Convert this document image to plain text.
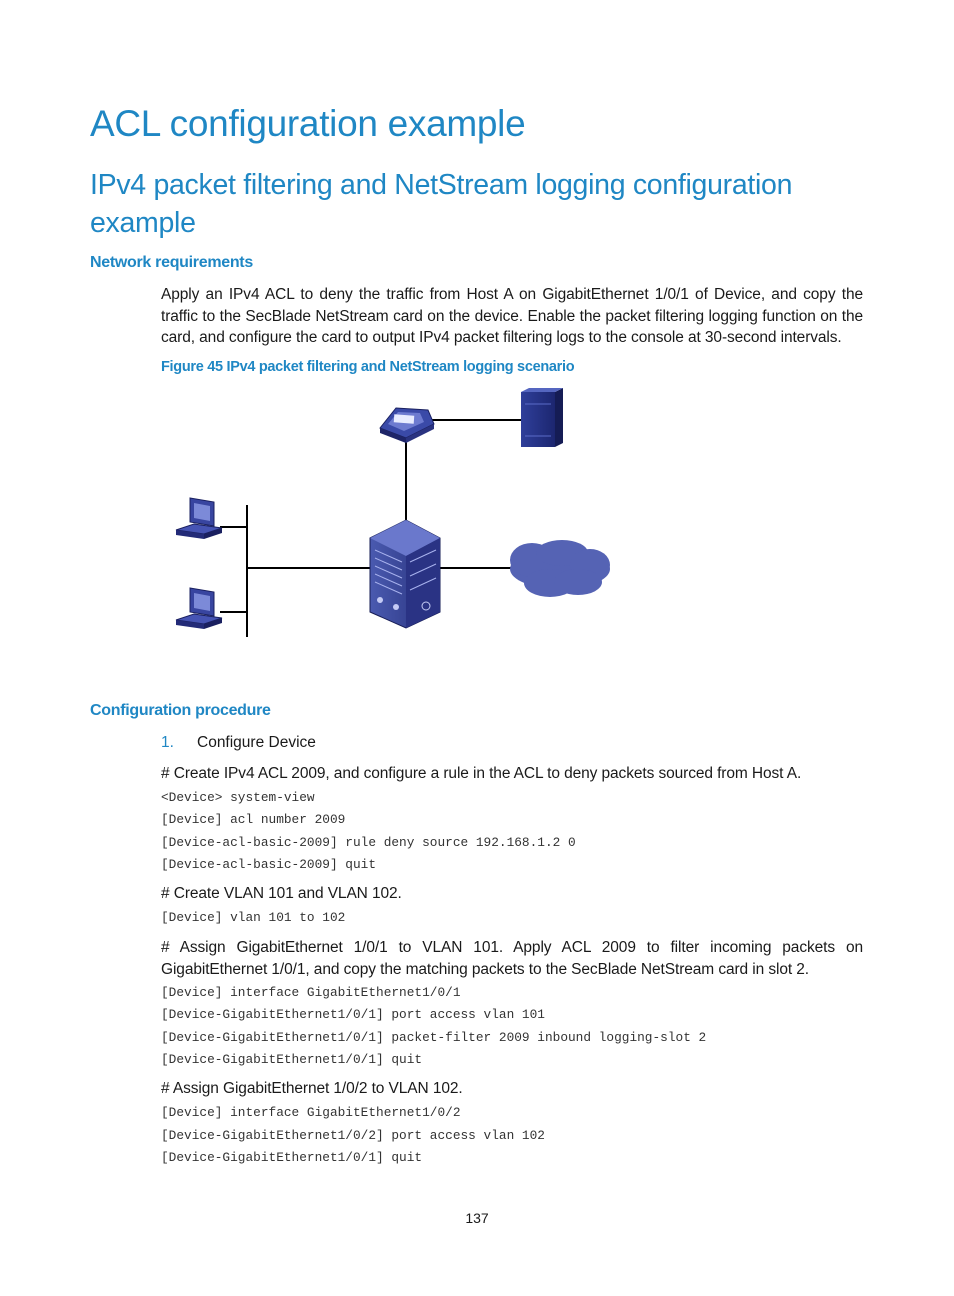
ACL configuration example
IPv4 packet filtering and NetStream logging configuration example
Network requirements

Apply an IPv4 ACL to deny the traffic from Host A on GigabitEthernet 1/0/1 of Device, and copy the traffic to the SecBlade NetStream card on the device. Enable the packet filtering logging function on the card, and configure the card to output IPv4 packet filtering logs to the console at 30-second intervals.

Figure 45 IPv4 packet filtering and NetStream logging scenario
Configuration procedure
1. Configure Device

# Create IPv4 ACL 2009, and configure a rule in the ACL to deny packets sourced from Host A.

<Device> system-view
[Device] acl number 2009
[Device-acl-basic-2009] rule deny source 192.168.1.2 0
[Device-acl-basic-2009] quit

# Create VLAN 101 and VLAN 102.

[Device] vlan 101 to 102

# Assign GigabitEthernet 1/0/1 to VLAN 101. Apply ACL 2009 to filter incoming packets on GigabitEthernet 1/0/1, and copy the matching packets to the SecBlade NetStream card in slot 2.

[Device] interface GigabitEthernet1/0/1
[Device-GigabitEthernet1/0/1] port access vlan 101
[Device-GigabitEthernet1/0/1] packet-filter 2009 inbound logging-slot 2
[Device-GigabitEthernet1/0/1] quit

# Assign GigabitEthernet 1/0/2 to VLAN 102.

[Device] interface GigabitEthernet1/0/2
[Device-GigabitEthernet1/0/2] port access vlan 102
[Device-GigabitEthernet1/0/1] quit
137
